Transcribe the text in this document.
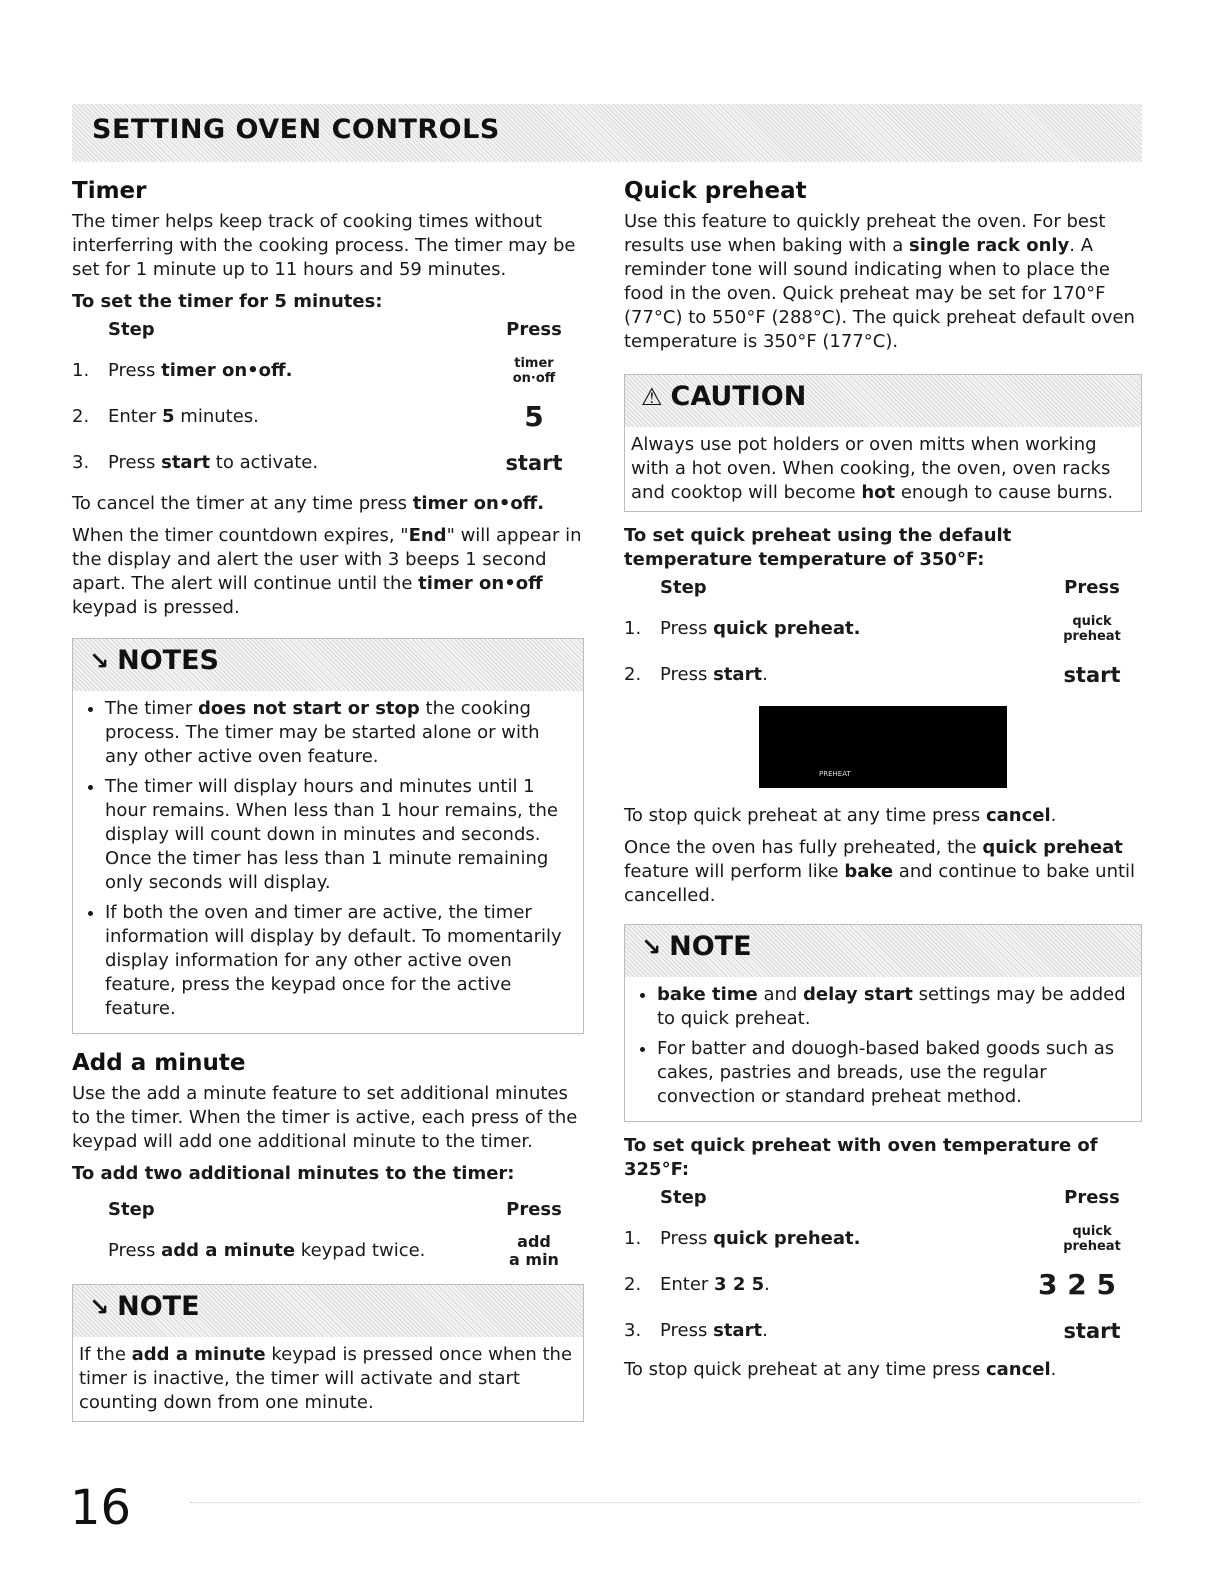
SETTING OVEN CONTROLS
Timer

The timer helps keep track of cooking times without interferring with the cooking process. The timer may be set for 1 minute up to 11 hours and 59 minutes.

To set the timer for 5 minutes:
Step	Press
1.	Press timer on•off.	timer
on·off
2.	Enter 5 minutes.	5
3.	Press start to activate.	start

To cancel the timer at any time press timer on•off.

When the timer countdown expires, "End" will appear in the display and alert the user with 3 beeps 1 second apart. The alert will continue until the timer on•off keypad is pressed.

↘ NOTES
• The timer does not start or stop the cooking process. The timer may be started alone or with any other active oven feature.
• The timer will display hours and minutes until 1 hour remains. When less than 1 hour remains, the display will count down in minutes and seconds. Once the timer has less than 1 minute remaining only seconds will display.
• If both the oven and timer are active, the timer information will display by default. To momentarily display information for any other active oven feature, press the keypad once for the active feature.
Add a minute

Use the add a minute feature to set additional minutes to the timer. When the timer is active, each press of the keypad will add one additional minute to the timer.

To add two additional minutes to the timer:
Step	Press
Press add a minute keypad twice.	add
a min
↘ NOTE
If the add a minute keypad is pressed once when the timer is inactive, the timer will activate and start counting down from one minute.
Quick preheat

Use this feature to quickly preheat the oven. For best results use when baking with a single rack only. A reminder tone will sound indicating when to place the food in the oven. Quick preheat may be set for 170°F (77°C) to 550°F (288°C). The quick preheat default oven temperature is 350°F (177°C).

⚠ CAUTION
Always use pot holders or oven mitts when working with a hot oven. When cooking, the oven, oven racks and cooktop will become hot enough to cause burns.
To set quick preheat using the default temperature temperature of 350°F:
Step	Press
1.	Press quick preheat.	quick
preheat
2.	Press start.	start
PREHEAT

To stop quick preheat at any time press cancel.

Once the oven has fully preheated, the quick preheat feature will perform like bake and continue to bake until cancelled.

↘ NOTE
• bake time and delay start settings may be added to quick preheat.
• For batter and douogh-based baked goods such as cakes, pastries and breads, use the regular convection or standard preheat method.
To set quick preheat with oven temperature of 325°F:
Step	Press
1.	Press quick preheat.	quick
preheat
2.	Enter 3 2 5.	3 2 5
3.	Press start.	start

To stop quick preheat at any time press cancel.

16
